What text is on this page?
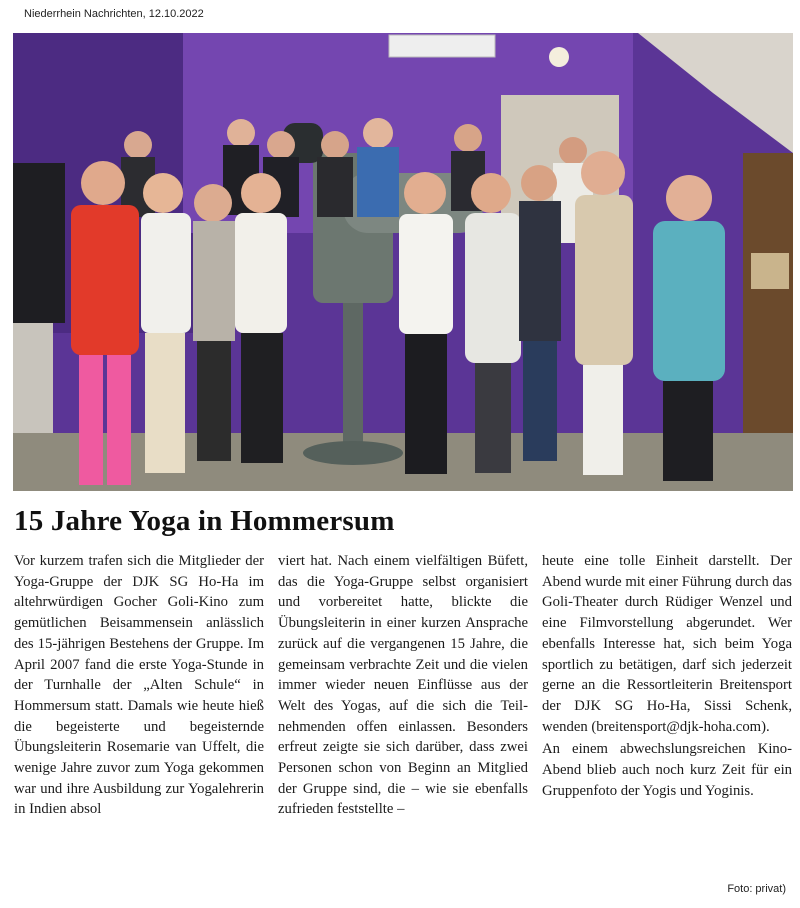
Niederrhein Nachrichten, 12.10.2022
15 Jahre Yoga in Hommersum

Vor kurzem trafen sich die Mitglieder der Yoga-Gruppe der DJK SG Ho-Ha im altehrwürdigen Gocher Goli-Kino zum gemütlichen Beisammensein anlässlich des 15-jährigen Bestehens der Gruppe. Im April 2007 fand die erste Yoga-Stunde in der Turnhalle der „Alten Schule“ in Hommersum statt. Damals wie heute hieß die begeisterte und begeisternde Übungsleiterin Rosemarie van Uffelt, die wenige Jahre zuvor zum Yoga gekommen war und ihre Ausbildung zur Yogalehrerin in Indien absol

viert hat. Nach einem vielfältigen Büfett, das die Yoga-Gruppe selbst organisiert und vorbereitet hatte, blickte die Übungsleiterin in einer kurzen Ansprache zurück auf die vergangenen 15 Jahre, die gemeinsam verbrachte Zeit und die vielen immer wieder neuen Einflüsse aus der Welt des Yogas, auf die sich die Teilnehmenden offen einlassen. Besonders erfreut zeigte sie sich darüber, dass zwei Personen schon von Beginn an Mitglied der Gruppe sind, die – wie sie ebenfalls zufrieden feststellte –

heute eine tolle Einheit darstellt. Der Abend wurde mit einer Führung durch das Goli-Theater durch Rüdiger Wenzel und eine Filmvorstellung abgerundet. Wer ebenfalls Interesse hat, sich beim Yoga sportlich zu betätigen, darf sich jederzeit gerne an die Ressortleiterin Breitensport der DJK SG Ho-Ha, Sissi Schenk, wenden (breitensport@djk-hoha.com).

An einem abwechslungsreichen Kino-Abend blieb auch noch kurz Zeit für ein Gruppenfoto der Yogis und Yoginis.

Foto: privat)
